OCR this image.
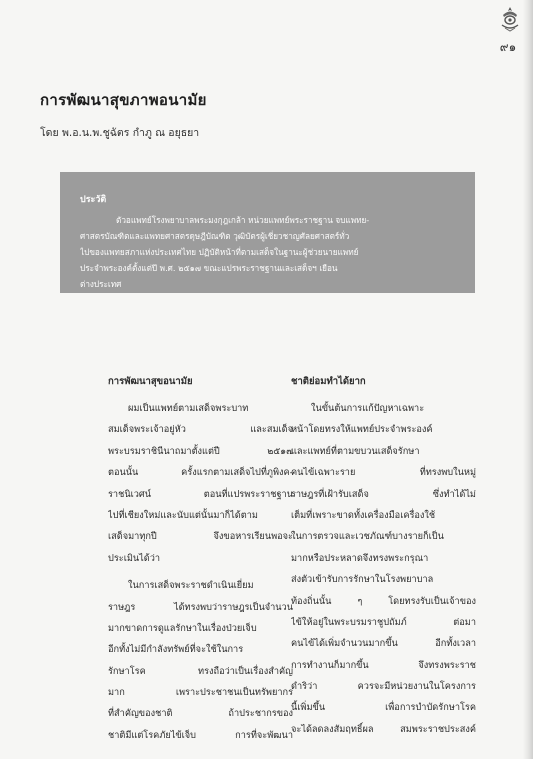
๙๑
การพัฒนาสุขภาพอนามัย
โดย พ.อ.น.พ.ชูฉัตร กำภู ณ อยุธยา
ประวัติ
ตัวอแพทย์โรงพยาบาลพระมงกุฎเกล้า หน่วยแพทย์พระราชฐาน จบแพทย-
ศาสตรบัณฑิตและแพทยศาสตรดุษฎีบัณฑิต วุฒิบัตรผู้เชี่ยวชาญศัลยศาสตร์ทั่ว
ไปของแพทยสภาแห่งประเทศไทย ปฏิบัติหน้าที่ตามเสด็จในฐานะผู้ช่วยนายแพทย์
ประจำพระองค์ตั้งแต่ปี พ.ศ. ๒๕๑๗ ขณะแปรพระราชฐานและเสด็จฯ เยือน
ต่างประเทศ
การพัฒนาสุขอนามัย
ผมเป็นแพทย์ตามเสด็จพระบาท
สมเด็จพระเจ้าอยู่หัว และสมเด็จ
พระบรมราชินีนาถมาตั้งแต่ปี ๒๕๑๗
ตอนนั้น ครั้งแรกตามเสด็จไปที่ภูพิงค-
ราชนิเวศน์ ตอนที่แปรพระราชฐาน
ไปที่เชียงใหม่และนับแต่นั้นมาก็ได้ตาม
เสด็จมาทุกปี จึงขอหารเรียนพอจะ
ประเมินได้ว่า
ในการเสด็จพระราชดำเนินเยี่ยม
ราษฎร ได้ทรงพบว่าราษฎรเป็นจำนวน
มากขาดการดูแลรักษาในเรื่องป่วยเจ็บ
อีกทั้งไม่มีกำลังทรัพย์ที่จะใช้ในการ
รักษาโรค ทรงถือว่าเป็นเรื่องสำคัญ
มาก เพราะประชาชนเป็นทรัพยากร
ที่สำคัญของชาติ ถ้าประชากรของ
ชาติมีแต่โรคภัยไข้เจ็บ การที่จะพัฒนา
ชาติย่อมทำได้ยาก
ในขั้นต้นการแก้ปัญหาเฉพาะ
หน้าโดยทรงให้แพทย์ประจำพระองค์
และแพทย์ที่ตามขบวนเสด็จรักษา
คนไข้เฉพาะราย ที่ทรงพบในหมู่
ราษฎรที่เฝ้ารับเสด็จ ซึ่งทำได้ไม่
เต็มที่เพราะขาดทั้งเครื่องมือเครื่องใช้
ในการตรวจและเวชภัณฑ์บางรายก็เป็น
มากหรือประหลาดจึงทรงพระกรุณา
ส่งตัวเข้ารับการรักษาในโรงพยาบาล
ท้องถิ่นนั้น ๆ โดยทรงรับเป็นเจ้าของ
ไข้ให้อยู่ในพระบรมราชูปถัมภ์ ต่อมา
คนไข้ได้เพิ่มจำนวนมากขึ้น อีกทั้งเวลา
การทำงานก็มากขึ้น จึงทรงพระราช
ดำริว่า ควรจะมีหน่วยงานในโครงการ
นี้เพิ่มขึ้น เพื่อการบำบัดรักษาโรค
จะได้ลดลงสัมฤทธิ์ผล สมพระราชประสงค์
